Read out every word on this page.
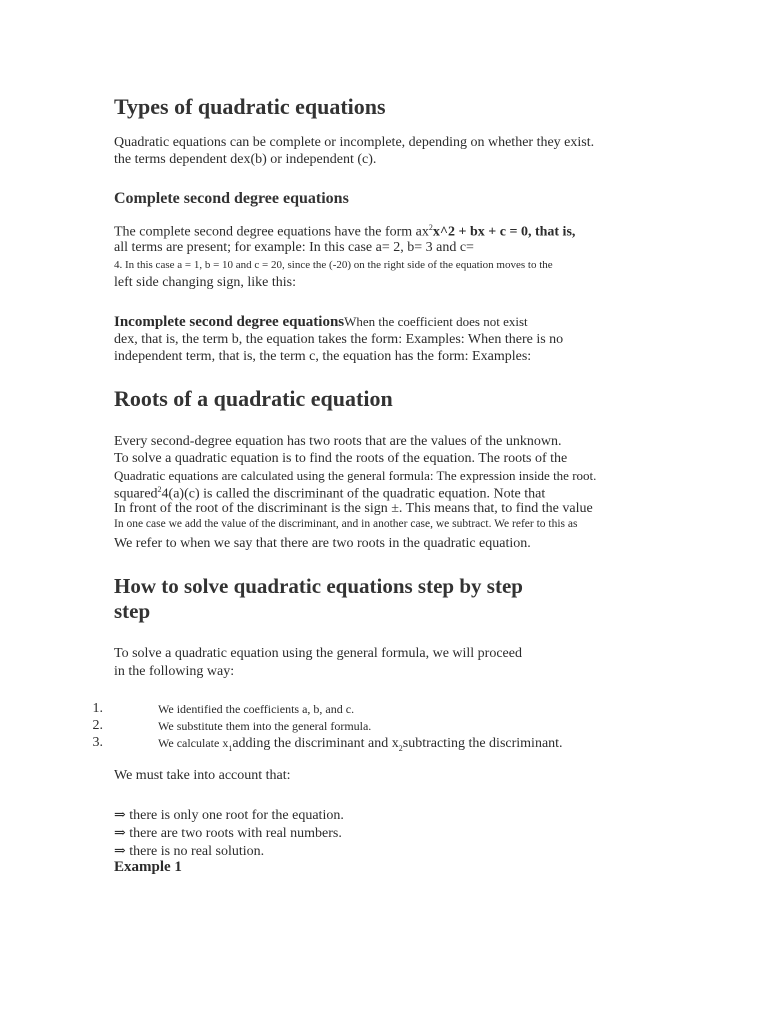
Types of quadratic equations
Quadratic equations can be complete or incomplete, depending on whether they exist.
the terms dependent dex(b) or independent (c).
Complete second degree equations
The complete second degree equations have the form $ax^2x\^{}2$ + bx + c = 0, that is,
all terms are present; for example: In this case a= 2, b= 3 and c=
4. In this case a = 1, b = 10 and c = 20, since the (-20) on the right side of the equation moves to the
left side changing sign, like this:
Incomplete second degree equationsWhen the coefficient does not exist
dex, that is, the term b, the equation takes the form: Examples: When there is no
independent term, that is, the term c, the equation has the form: Examples:
Roots of a quadratic equation
Every second-degree equation has two roots that are the values of the unknown.
To solve a quadratic equation is to find the roots of the equation. The roots of the
Quadratic equations are calculated using the general formula: The expression inside the root.
squared$^2$4(a)(c) is called the discriminant of the quadratic equation. Note that
In front of the root of the discriminant is the sign ±. This means that, to find the value
In one case we add the value of the discriminant, and in another case, we subtract. We refer to this as
We refer to when we say that there are two roots in the quadratic equation.
How to solve quadratic equations step by step
step
To solve a quadratic equation using the general formula, we will proceed
in the following way:
1.	We identified the coefficients a, b, and c.
2.	We substitute them into the general formula.
3.	We calculate $x_1adding$ the discriminant and $x_2subtracting$ the discriminant.
We must take into account that:
⇒ there is only one root for the equation.
⇒ there are two roots with real numbers.
⇒ there is no real solution.
Example 1
